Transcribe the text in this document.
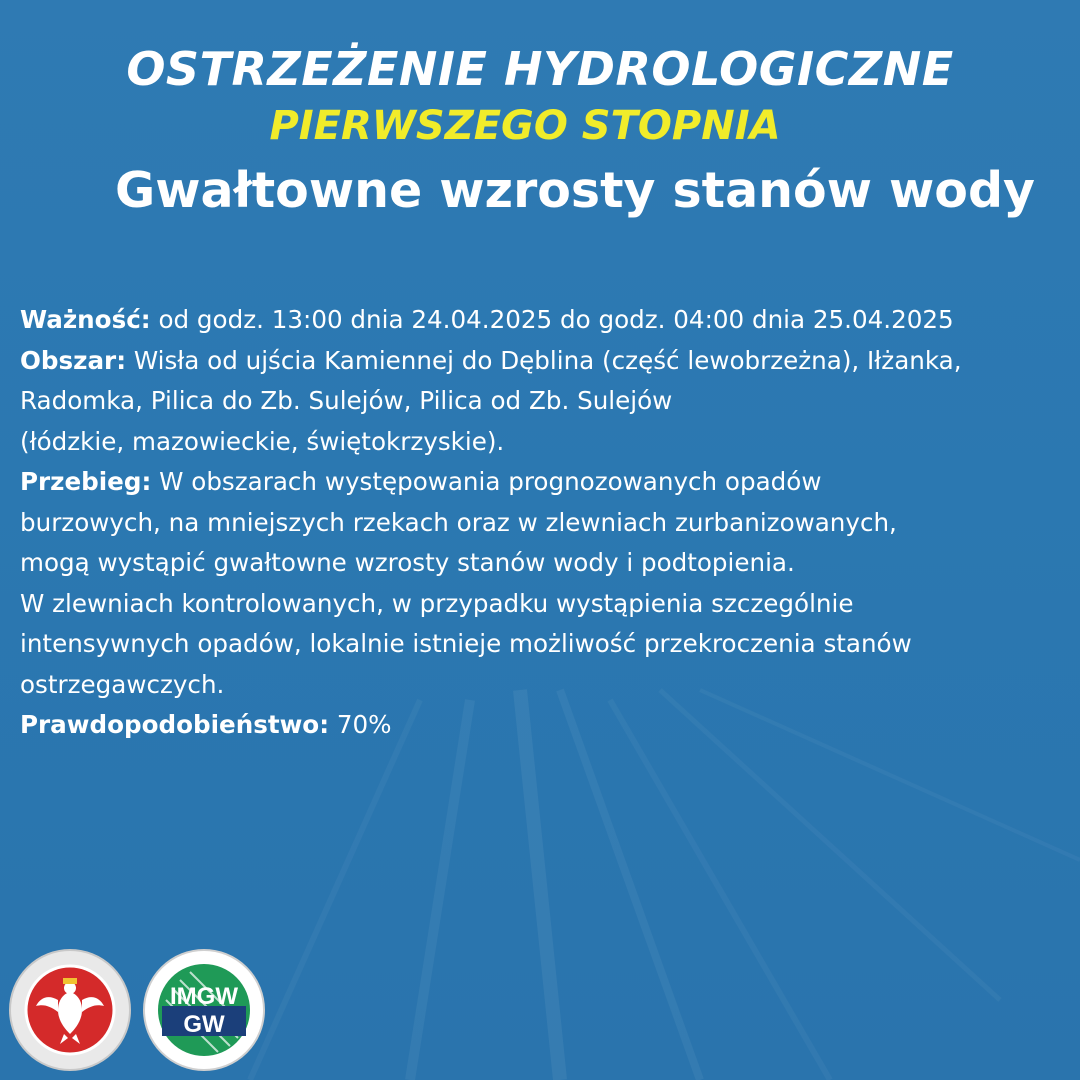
OSTRZEŻENIE HYDROLOGICZNE

PIERWSZEGO STOPNIA

Gwałtowne wzrosty stanów wody

Ważność: od godz. 13:00 dnia 24.04.2025 do godz. 04:00 dnia 25.04.2025

Obszar: Wisła od ujścia Kamiennej do Dęblina (część lewobrzeżna), Iłżanka,

Radomka, Pilica do Zb. Sulejów, Pilica od Zb. Sulejów

(łódzkie, mazowieckie, świętokrzyskie).

Przebieg: W obszarach występowania prognozowanych opadów

burzowych, na mniejszych rzekach oraz w zlewniach zurbanizowanych,

mogą wystąpić gwałtowne wzrosty stanów wody i podtopienia.

W zlewniach kontrolowanych, w przypadku wystąpienia szczególnie

intensywnych opadów, lokalnie istnieje możliwość przekroczenia stanów

ostrzegawczych.

Prawdopodobieństwo: 70%

IMGW
GW
